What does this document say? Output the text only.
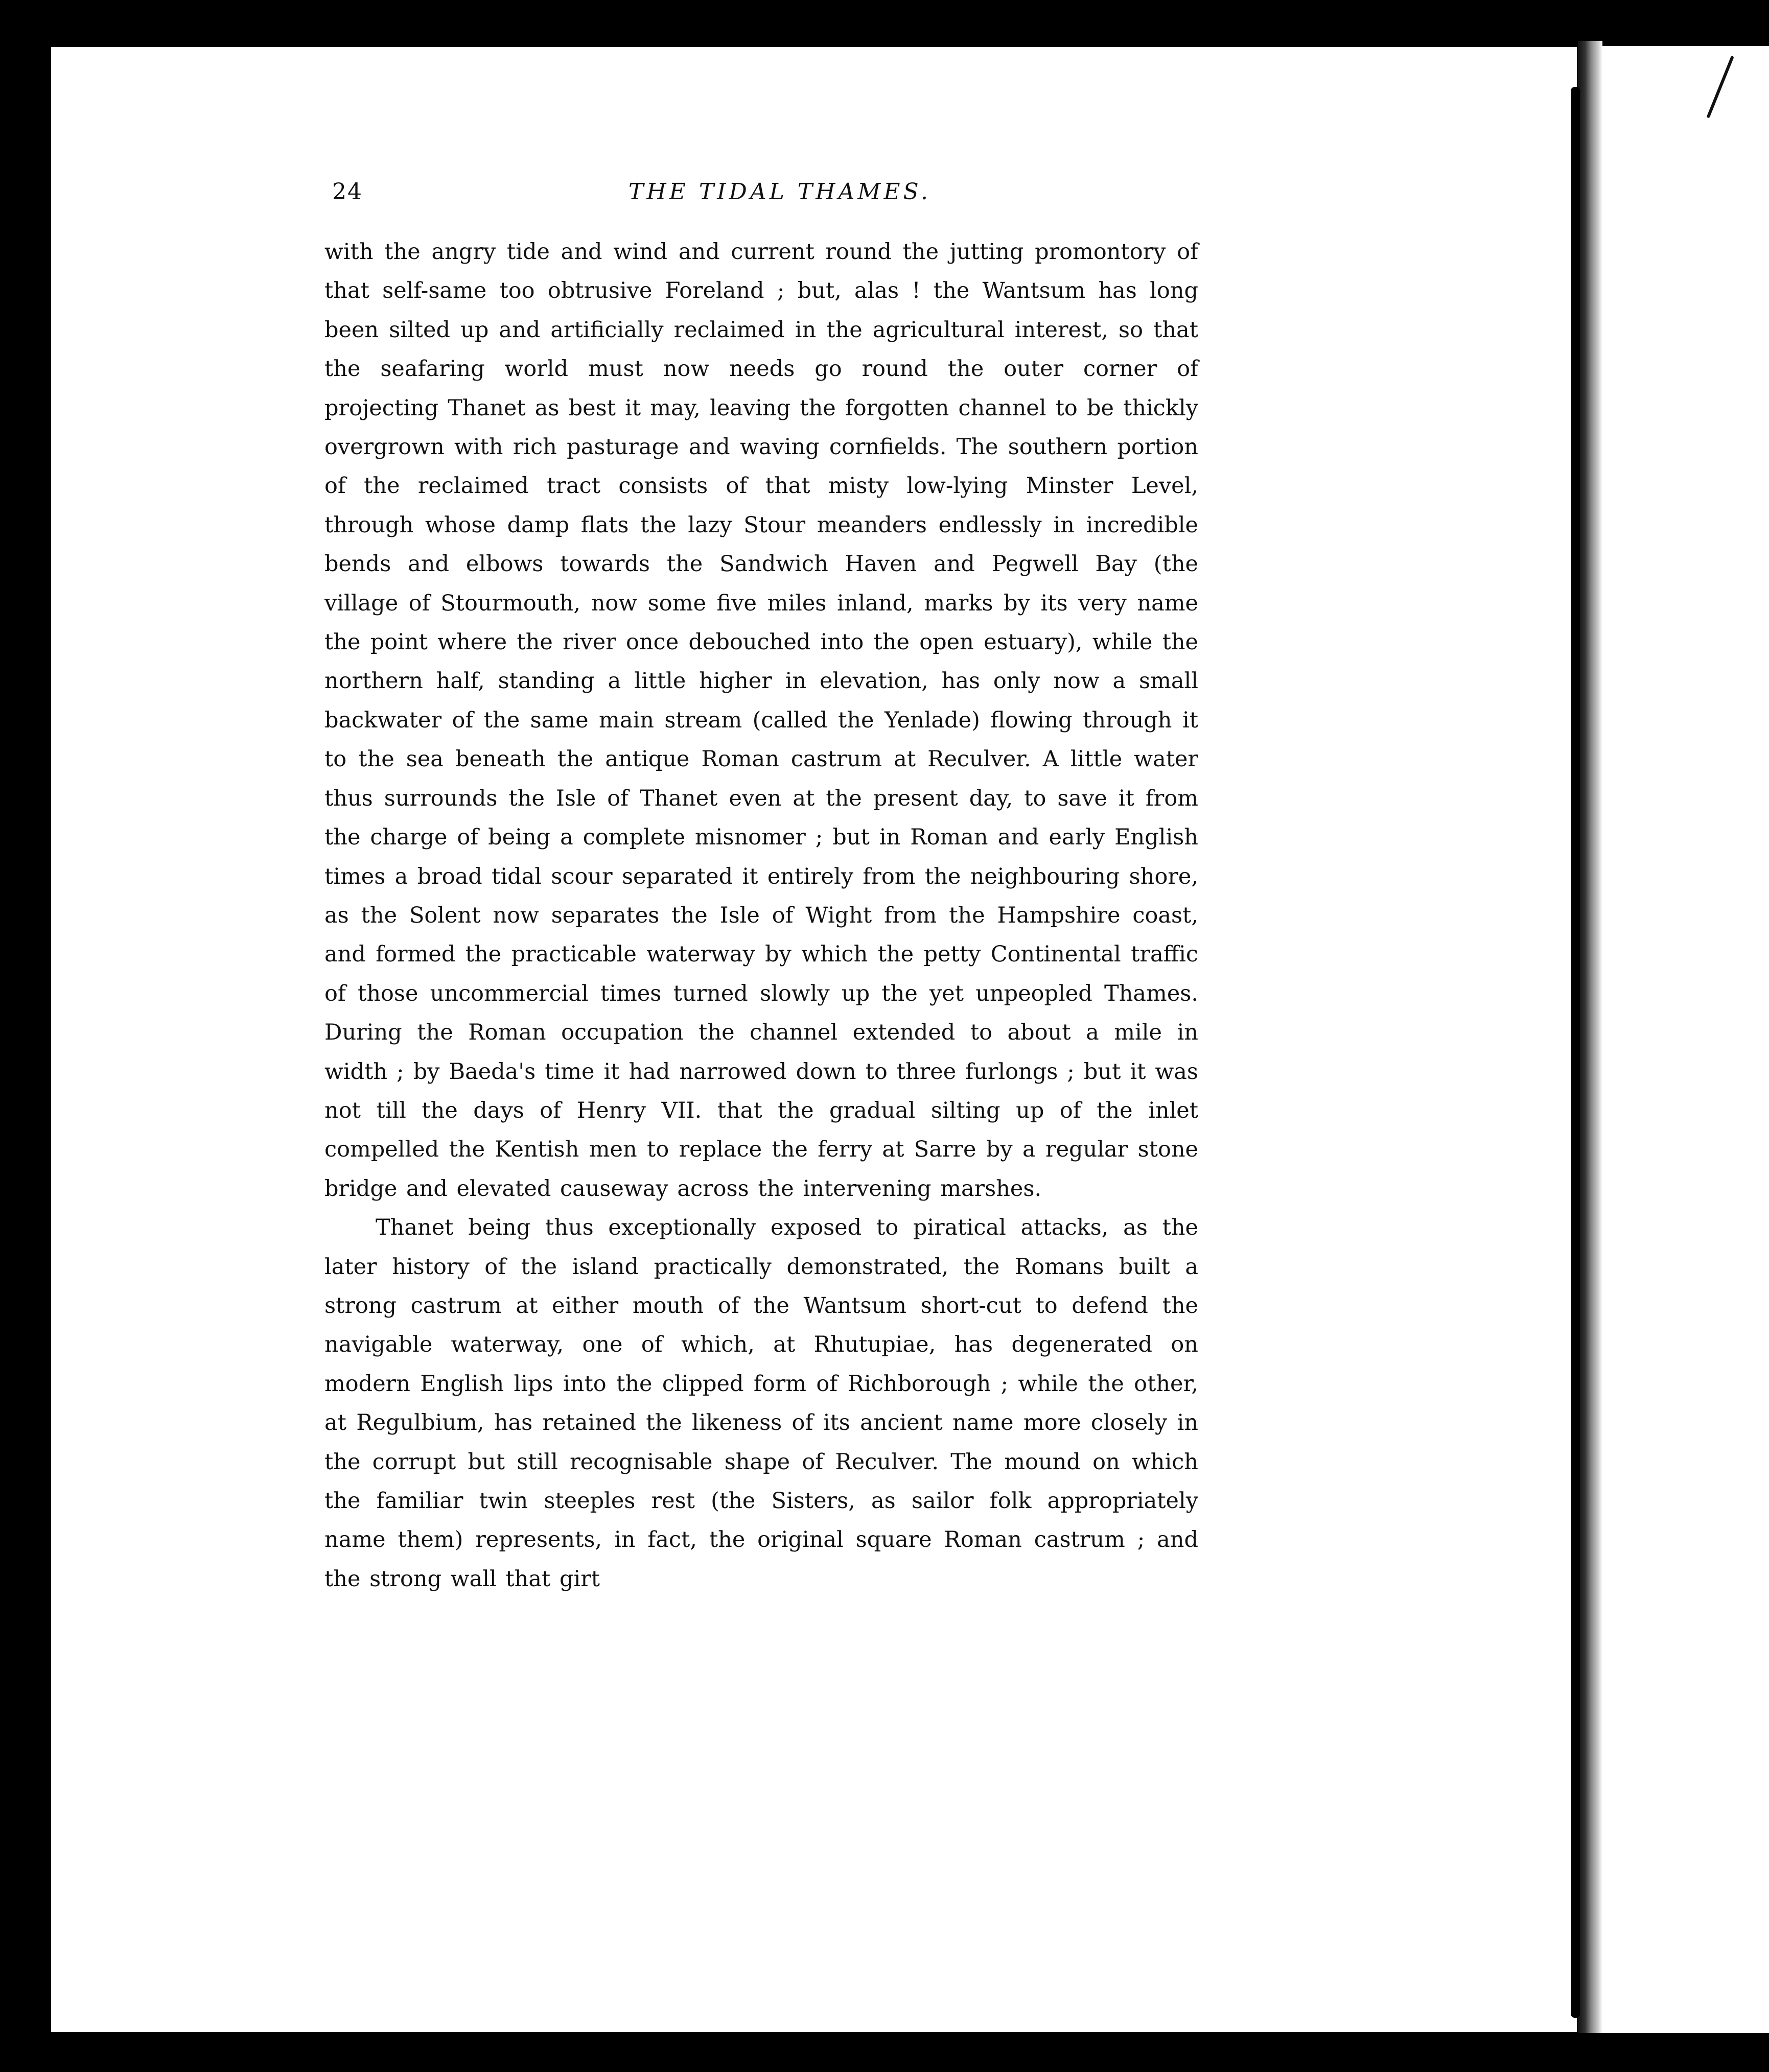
24	THE TIDAL THAMES.

with the angry tide and wind and current round the jutting promontory of that self-same too obtrusive Foreland ; but, alas ! the Wantsum has long been silted up and artificially reclaimed in the agricultural interest, so that the seafaring world must now needs go round the outer corner of projecting Thanet as best it may, leaving the forgotten channel to be thickly overgrown with rich pasturage and waving cornfields. The southern portion of the reclaimed tract consists of that misty low-lying Minster Level, through whose damp flats the lazy Stour meanders endlessly in incredible bends and elbows towards the Sandwich Haven and Pegwell Bay (the village of Stourmouth, now some five miles inland, marks by its very name the point where the river once debouched into the open estuary), while the northern half, standing a little higher in elevation, has only now a small backwater of the same main stream (called the Yenlade) flowing through it to the sea beneath the antique Roman castrum at Reculver. A little water thus surrounds the Isle of Thanet even at the present day, to save it from the charge of being a complete misnomer ; but in Roman and early English times a broad tidal scour separated it entirely from the neighbouring shore, as the Solent now separates the Isle of Wight from the Hampshire coast, and formed the practicable waterway by which the petty Continental traffic of those uncommercial times turned slowly up the yet unpeopled Thames. During the Roman occupation the channel extended to about a mile in width ; by Baeda's time it had narrowed down to three furlongs ; but it was not till the days of Henry VII. that the gradual silting up of the inlet compelled the Kentish men to replace the ferry at Sarre by a regular stone bridge and elevated causeway across the intervening marshes.

Thanet being thus exceptionally exposed to piratical attacks, as the later history of the island practically demonstrated, the Romans built a strong castrum at either mouth of the Wantsum short-cut to defend the navigable waterway, one of which, at Rhutupiae, has degenerated on modern English lips into the clipped form of Richborough ; while the other, at Regulbium, has retained the likeness of its ancient name more closely in the corrupt but still recognisable shape of Reculver. The mound on which the familiar twin steeples rest (the Sisters, as sailor folk appropriately name them) represents, in fact, the original square Roman castrum ; and the strong wall that girt
